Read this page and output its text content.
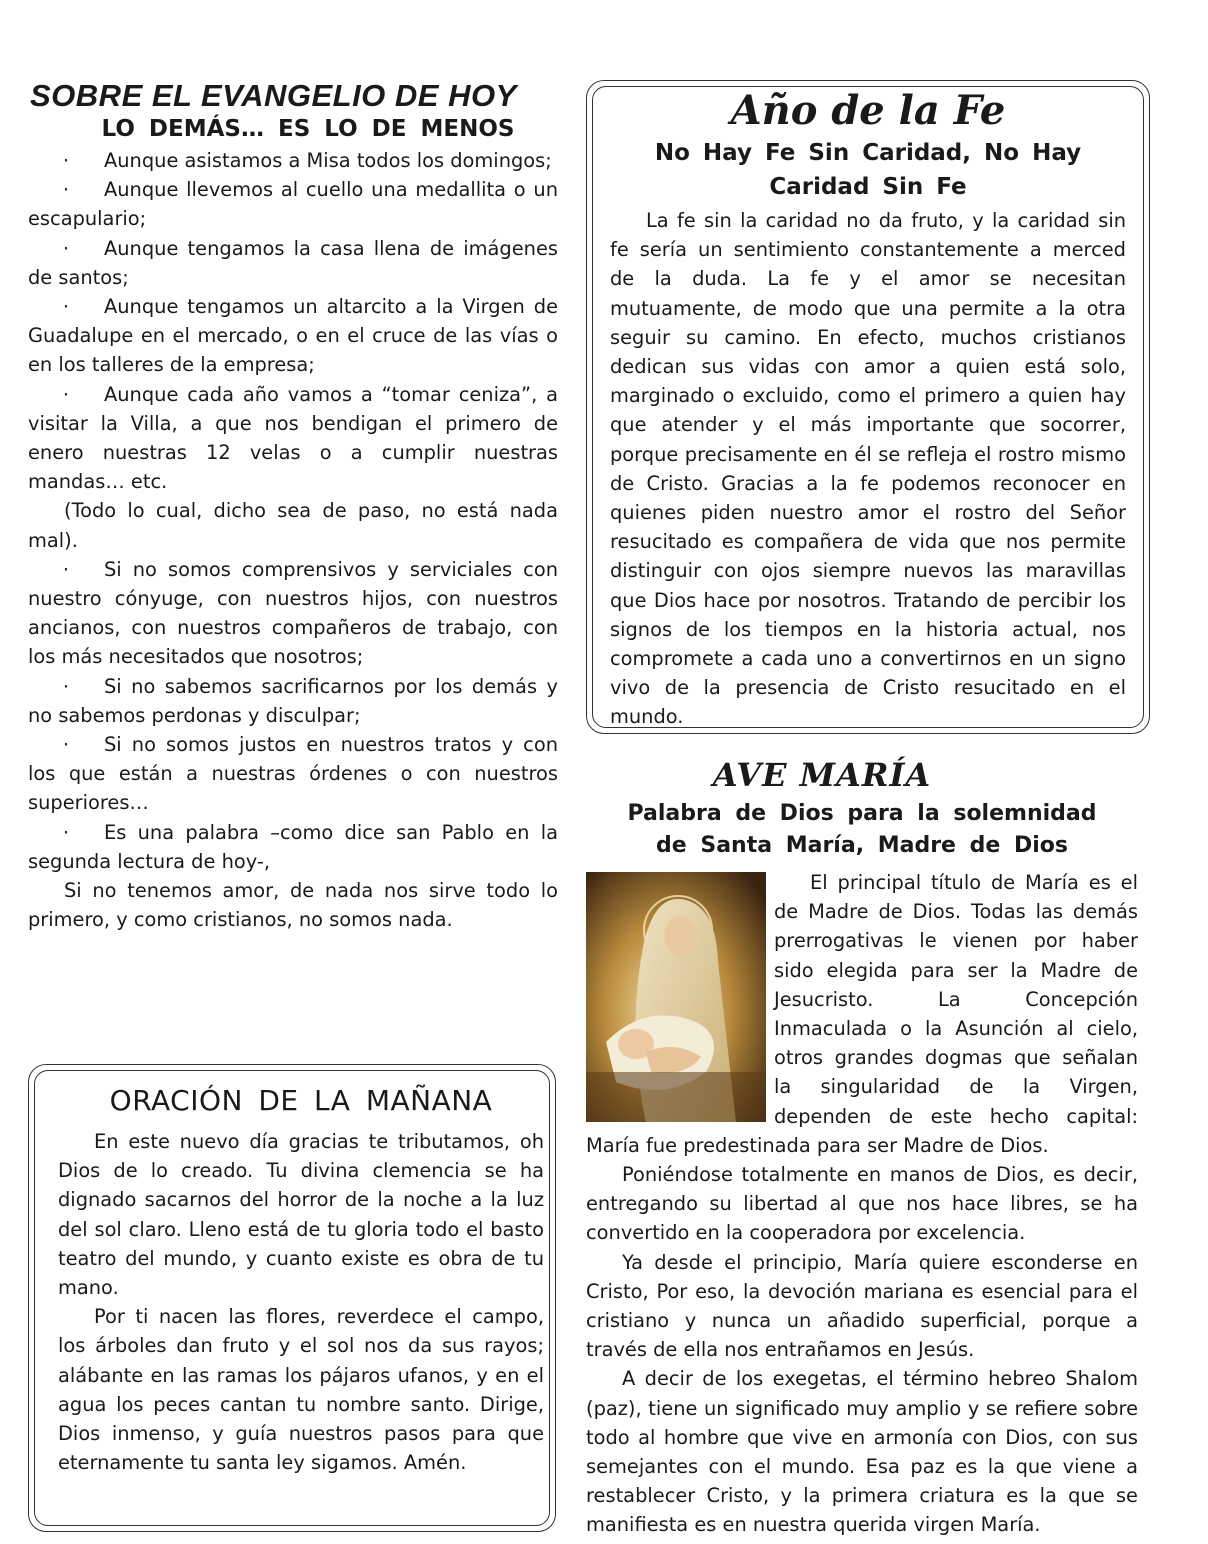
SOBRE EL EVANGELIO DE HOY
LO DEMÁS… ES LO DE MENOS
· Aunque asistamos a Misa todos los domingos;
· Aunque llevemos al cuello una medallita o un escapulario;
· Aunque tengamos la casa llena de imágenes de santos;
· Aunque tengamos un altarcito a la Virgen de Guadalupe en el mercado, o en el cruce de las vías o en los talleres de la empresa;
· Aunque cada año vamos a “tomar ceniza”, a visitar la Villa, a que nos bendigan el primero de enero nuestras 12 velas o a cumplir nuestras mandas… etc.
(Todo lo cual, dicho sea de paso, no está nada mal).
· Si no somos comprensivos y serviciales con nuestro cónyuge, con nuestros hijos, con nuestros ancianos, con nuestros compañeros de trabajo, con los más necesitados que nosotros;
· Si no sabemos sacrificarnos por los demás y no sabemos perdonas y disculpar;
· Si no somos justos en nuestros tratos y con los que están a nuestras órdenes o con nuestros superiores…
· Es una palabra –como dice san Pablo en la segunda lectura de hoy-,
Si no tenemos amor, de nada nos sirve todo lo primero, y como cristianos, no somos nada.
ORACIÓN DE LA MAÑANA
En este nuevo día gracias te tributamos, oh Dios de lo creado. Tu divina clemencia se ha dignado sacarnos del horror de la noche a la luz del sol claro. Lleno está de tu gloria todo el basto teatro del mundo, y cuanto existe es obra de tu mano.
Por ti nacen las flores, reverdece el campo, los árboles dan fruto y el sol nos da sus rayos; alábante en las ramas los pájaros ufanos, y en el agua los peces cantan tu nombre santo. Dirige, Dios inmenso, y guía nuestros pasos para que eternamente tu santa ley sigamos. Amén.
Año de la Fe
No Hay Fe Sin Caridad, No Hay
Caridad Sin Fe
La fe sin la caridad no da fruto, y la caridad sin fe sería un sentimiento constantemente a merced de la duda. La fe y el amor se necesitan mutuamente, de modo que una permite a la otra seguir su camino. En efecto, muchos cristianos dedican sus vidas con amor a quien está solo, marginado o excluido, como el primero a quien hay que atender y el más importante que socorrer, porque precisamente en él se refleja el rostro mismo de Cristo. Gracias a la fe podemos reconocer en quienes piden nuestro amor el rostro del Señor resucitado es compañera de vida que nos permite distinguir con ojos siempre nuevos las maravillas que Dios hace por nosotros. Tratando de percibir los signos de los tiempos en la historia actual, nos compromete a cada uno a convertirnos en un signo vivo de la presencia de Cristo resucitado en el mundo.
AVE MARÍA
Palabra de Dios para la solemnidad
de Santa María, Madre de Dios
El principal título de María es el de Madre de Dios. Todas las demás prerrogativas le vienen por haber sido elegida para ser la Madre de Jesucristo. La Concepción Inmaculada o la Asunción al cielo, otros grandes dogmas que señalan la singularidad de la Virgen, dependen de este hecho capital: María fue predestinada para ser Madre de Dios.
Poniéndose totalmente en manos de Dios, es decir, entregando su libertad al que nos hace libres, se ha convertido en la cooperadora por excelencia.
Ya desde el principio, María quiere esconderse en Cristo, Por eso, la devoción mariana es esencial para el cristiano y nunca un añadido superficial, porque a través de ella nos entrañamos en Jesús.
A decir de los exegetas, el término hebreo Shalom (paz), tiene un significado muy amplio y se refiere sobre todo al hombre que vive en armonía con Dios, con sus semejantes con el mundo. Esa paz es la que viene a restablecer Cristo, y la primera criatura es la que se manifiesta es en nuestra querida virgen María.
